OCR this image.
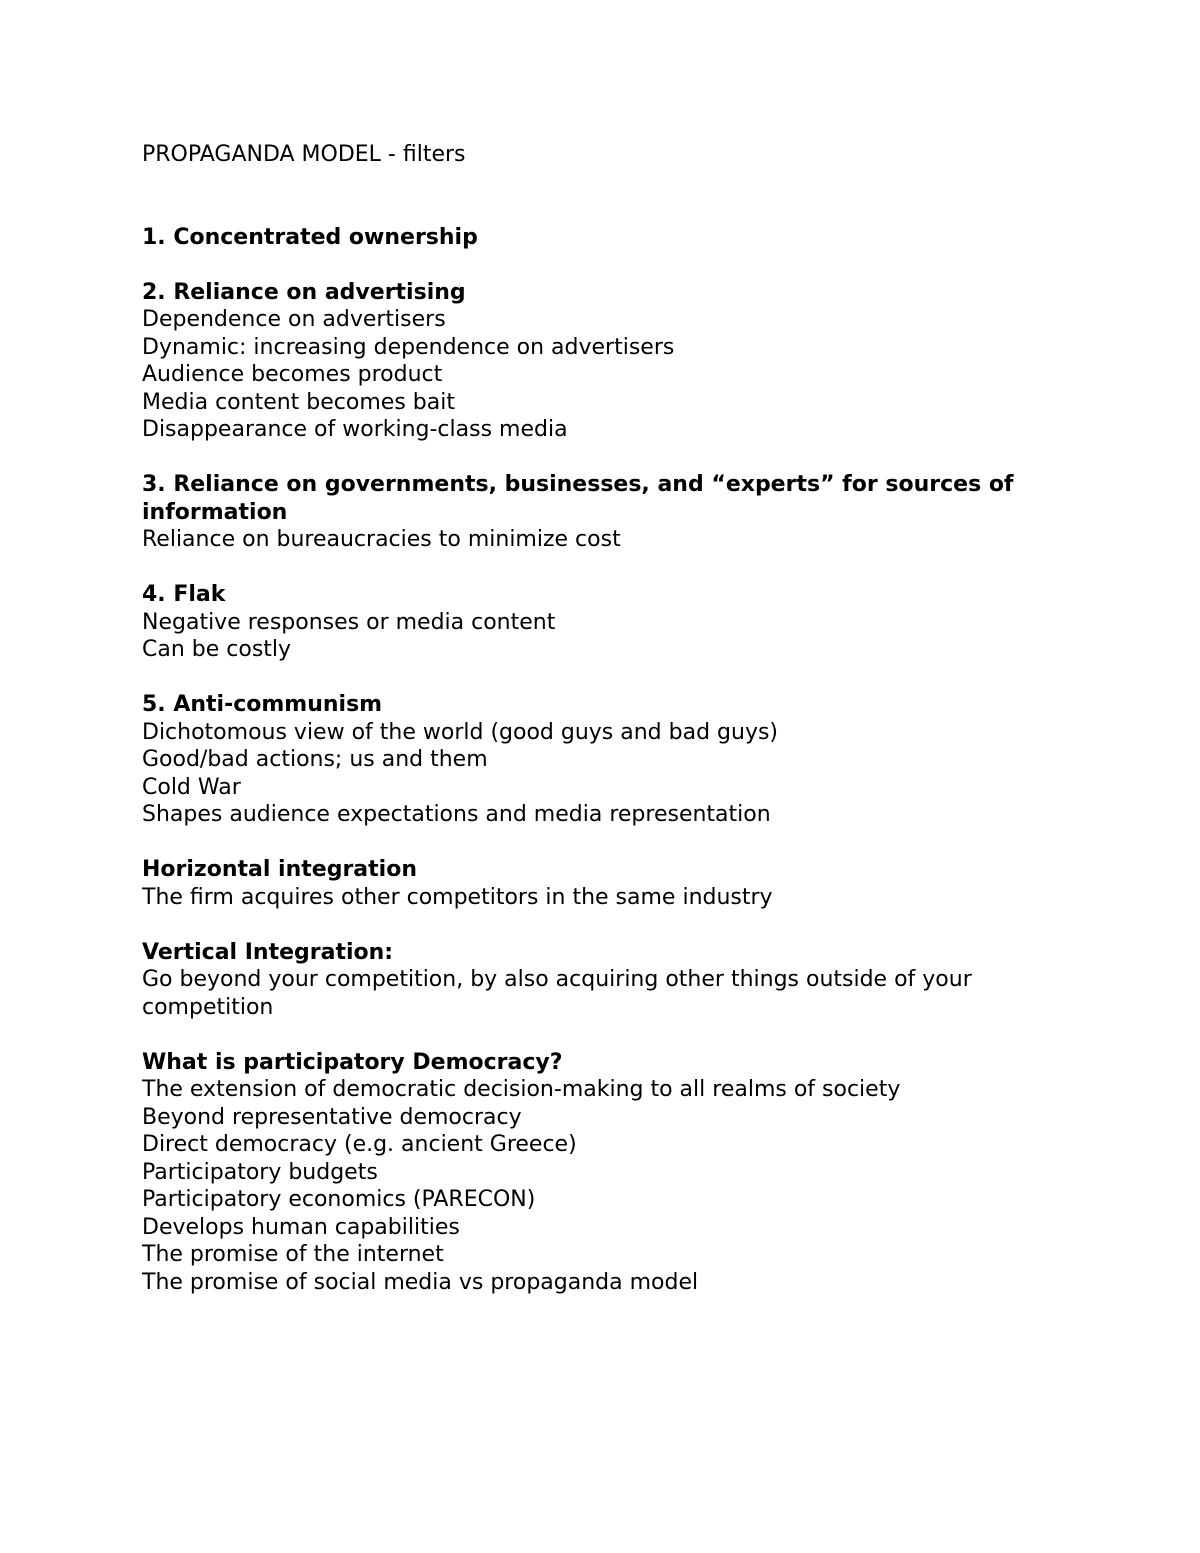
PROPAGANDA MODEL - filters

1. Concentrated ownership

2. Reliance on advertising

Dependence on advertisers

Dynamic: increasing dependence on advertisers

Audience becomes product

Media content becomes bait

Disappearance of working-class media

3. Reliance on governments, businesses, and “experts” for sources of information

Reliance on bureaucracies to minimize cost

4. Flak

Negative responses or media content

Can be costly

5. Anti-communism

Dichotomous view of the world (good guys and bad guys)

Good/bad actions; us and them

Cold War

Shapes audience expectations and media representation

Horizontal integration

The firm acquires other competitors in the same industry

Vertical Integration:

Go beyond your competition, by also acquiring other things outside of your competition

What is participatory Democracy?

The extension of democratic decision-making to all realms of society

Beyond representative democracy

Direct democracy (e.g. ancient Greece)

Participatory budgets

Participatory economics (PARECON)

Develops human capabilities

The promise of the internet

The promise of social media vs propaganda model
